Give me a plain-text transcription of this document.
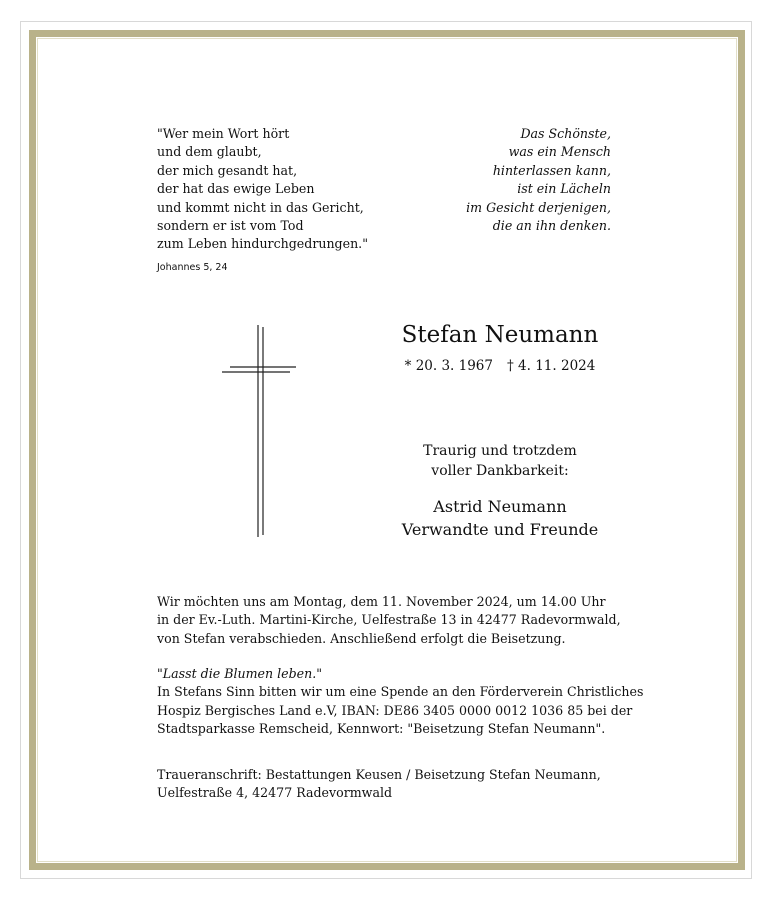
"Wer mein Wort hört
und dem glaubt,
der mich gesandt hat,
der hat das ewige Leben
und kommt nicht in das Gericht,
sondern er ist vom Tod
zum Leben hindurchgedrungen."
Johannes 5, 24
Das Schönste,
was ein Mensch
hinterlassen kann,
ist ein Lächeln
im Gesicht derjenigen,
die an ihn denken.
Stefan Neumann
* 20. 3. 1967 † 4. 11. 2024
Traurig und trotzdem
voller Dankbarkeit:
Astrid Neumann
Verwandte und Freunde
Wir möchten uns am Montag, dem 11. November 2024, um 14.00 Uhr
in der Ev.-Luth. Martini-Kirche, Uelfestraße 13 in 42477 Radevormwald,
von Stefan verabschieden. Anschließend erfolgt die Beisetzung.
"Lasst die Blumen leben."
In Stefans Sinn bitten wir um eine Spende an den Förderverein Christliches
Hospiz Bergisches Land e.V, IBAN: DE86 3405 0000 0012 1036 85 bei der
Stadtsparkasse Remscheid, Kennwort: "Beisetzung Stefan Neumann".
Traueranschrift: Bestattungen Keusen / Beisetzung Stefan Neumann,
Uelfestraße 4, 42477 Radevormwald
